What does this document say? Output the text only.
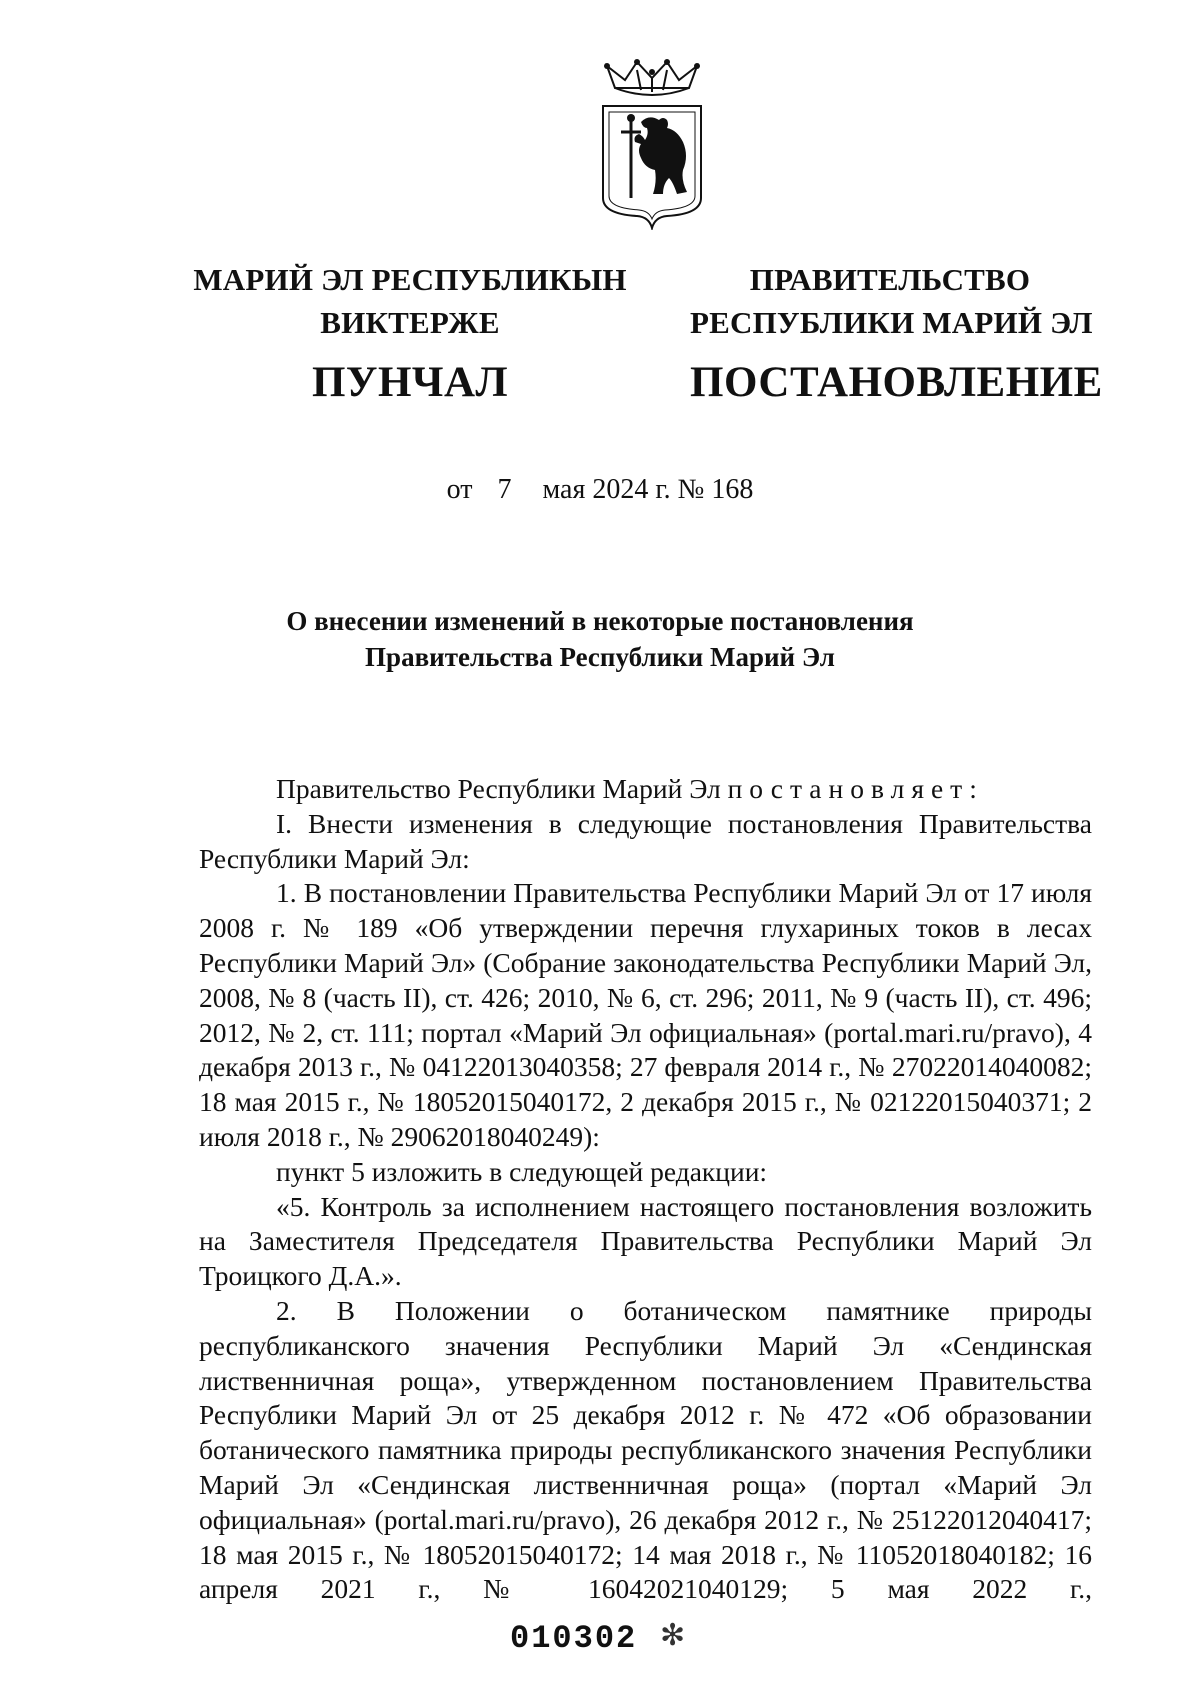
МАРИЙ ЭЛ РЕСПУБЛИКЫН
ВИКТЕРЖЕ
ПУНЧАЛ
ПРАВИТЕЛЬСТВО
РЕСПУБЛИКИ МАРИЙ ЭЛ
ПОСТАНОВЛЕНИЕ
от 7 мая 2024 г. № 168
О внесении изменений в некоторые постановления
Правительства Республики Марий Эл

Правительство Республики Марий Эл постановляет:

I. Внести изменения в следующие постановления Правительства

Республики Марий Эл:

1. В постановлении Правительства Республики Марий Эл от 17 июля 2008 г. № 189 «Об утверждении перечня глухариных токов в лесах Республики Марий Эл» (Собрание законодательства Республики Марий Эл, 2008, № 8 (часть II), ст. 426; 2010, № 6, ст. 296; 2011, № 9 (часть II), ст. 496; 2012, № 2, ст. 111; портал «Марий Эл официальная» (portal.mari.ru/pravo), 4 декабря 2013 г., № 04122013040358; 27 февраля 2014 г., № 27022014040082; 18 мая 2015 г., № 18052015040172, 2 декабря 2015 г., № 02122015040371; 2 июля 2018 г., № 29062018040249):

пункт 5 изложить в следующей редакции:

«5. Контроль за исполнением настоящего постановления возложить на Заместителя Председателя Правительства Республики Марий Эл Троицкого Д.А.».

2. В Положении о ботаническом памятнике природы республиканского значения Республики Марий Эл «Сендинская лиственничная роща», утвержденном постановлением Правительства Республики Марий Эл от 25 декабря 2012 г. № 472 «Об образовании ботанического памятника природы республиканского значения Республики Марий Эл «Сендинская лиственничная роща» (портал «Марий Эл официальная» (portal.mari.ru/pravo), 26 декабря 2012 г., № 25122012040417; 18 мая 2015 г., № 18052015040172; 14 мая 2018 г., № 11052018040182; 16 апреля 2021 г., № 16042021040129; 5 мая 2022 г.,

010302 ✻
